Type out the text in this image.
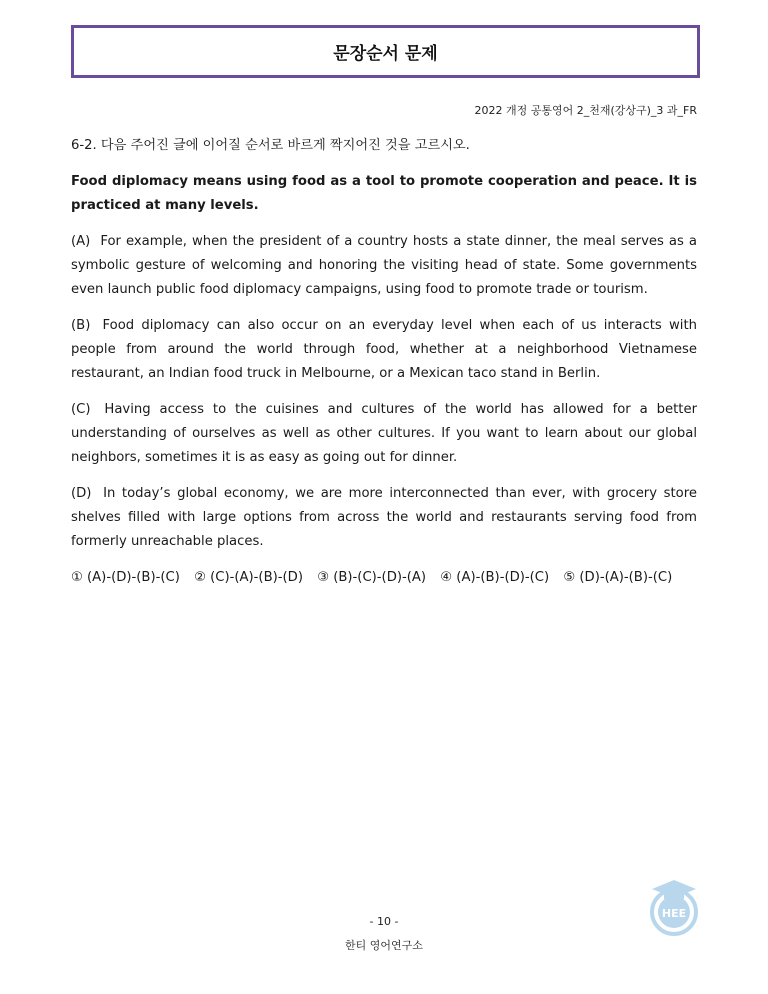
문장순서 문제
2022 개정 공통영어 2_천재(강상구)_3 과_FR

6-2. 다음 주어진 글에 이어질 순서로 바르게 짝지어진 것을 고르시오.

Food diplomacy means using food as a tool to promote cooperation and peace. It is practiced at many levels.

(A) For example, when the president of a country hosts a state dinner, the meal serves as a symbolic gesture of welcoming and honoring the visiting head of state. Some governments even launch public food diplomacy campaigns, using food to promote trade or tourism.

(B) Food diplomacy can also occur on an everyday level when each of us interacts with people from around the world through food, whether at a neighborhood Vietnamese restaurant, an Indian food truck in Melbourne, or a Mexican taco stand in Berlin.

(C) Having access to the cuisines and cultures of the world has allowed for a better understanding of ourselves as well as other cultures. If you want to learn about our global neighbors, sometimes it is as easy as going out for dinner.

(D) In today’s global economy, we are more interconnected than ever, with grocery store shelves filled with large options from across the world and restaurants serving food from formerly unreachable places.

① (A)-(D)-(B)-(C) ② (C)-(A)-(B)-(D) ③ (B)-(C)-(D)-(A) ④ (A)-(B)-(D)-(C) ⑤ (D)-(A)-(B)-(C)

HEE
- 10 -
한티 영어연구소
